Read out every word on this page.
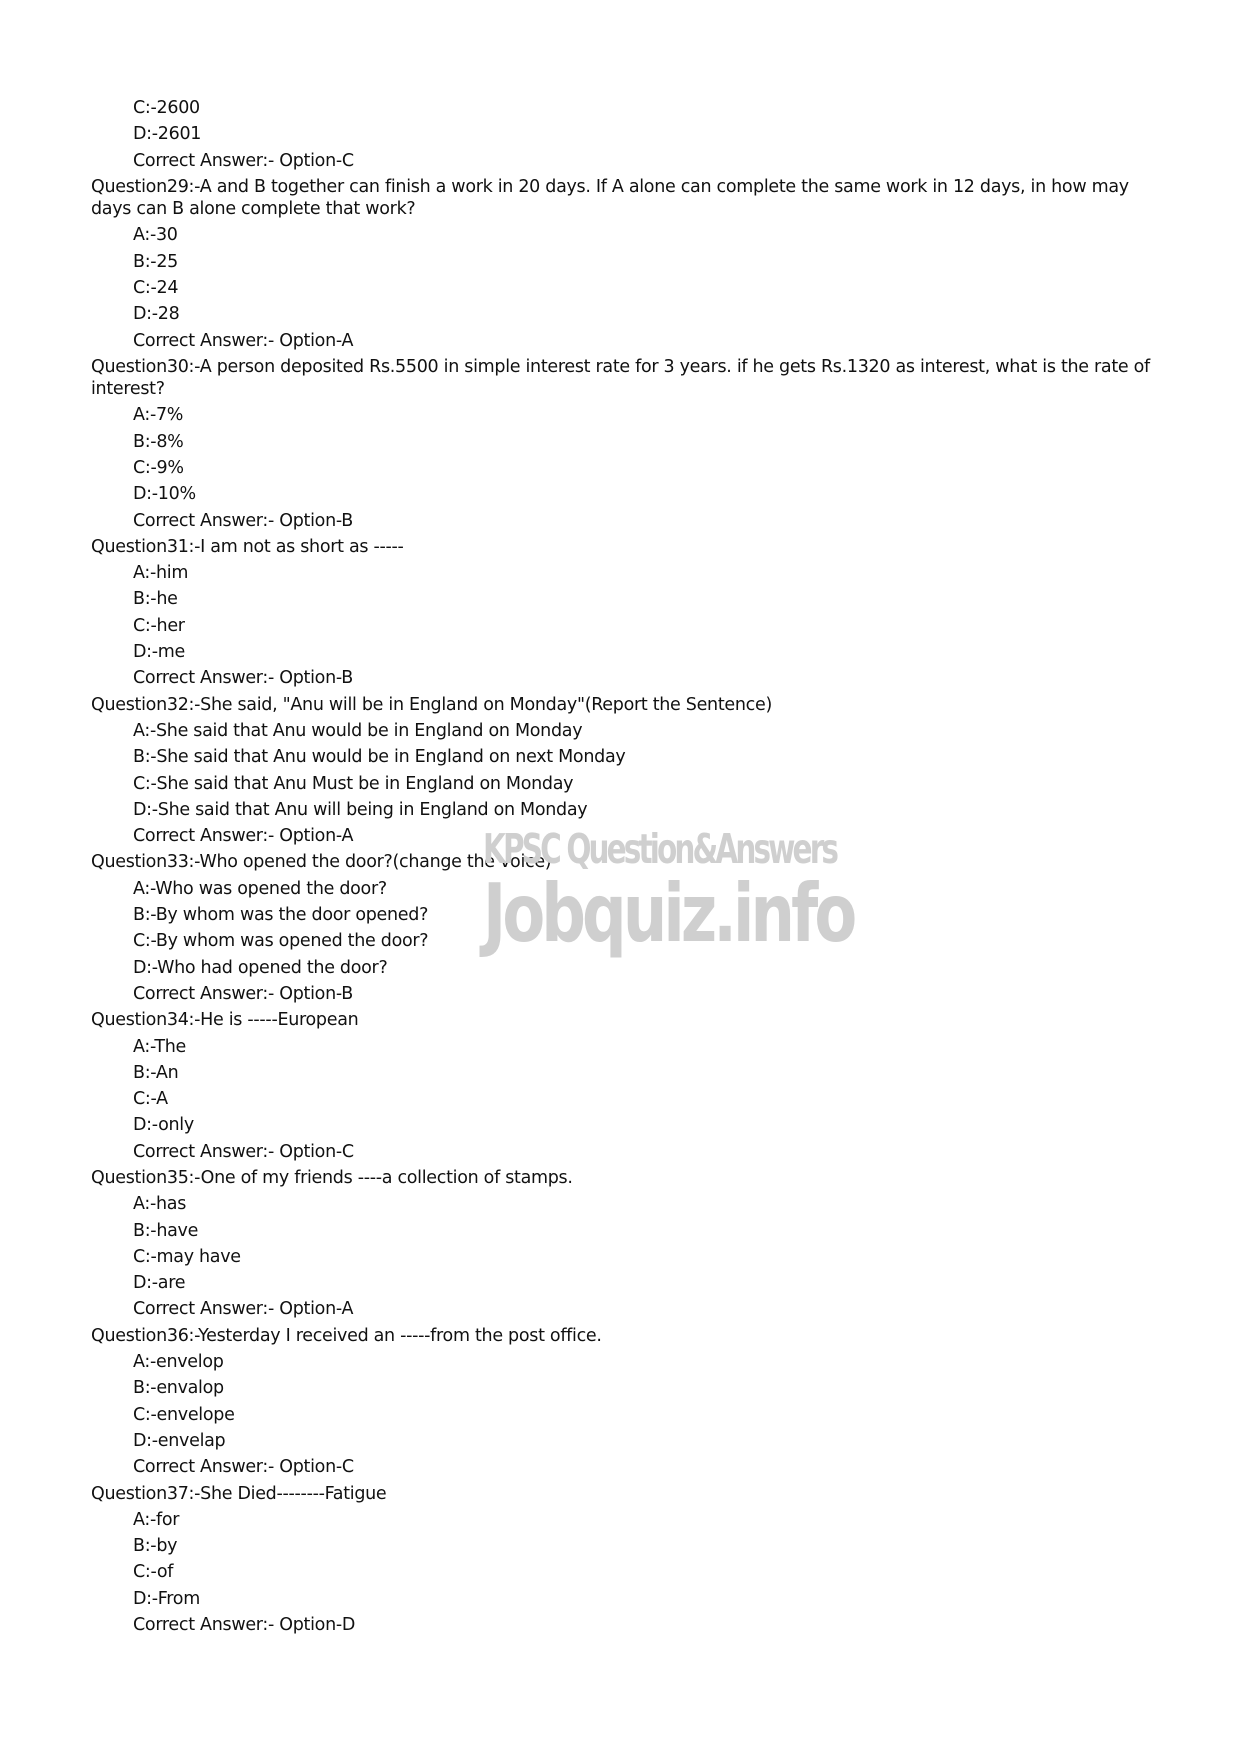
C:-2600
D:-2601
Correct Answer:- Option-C
Question29:-A and B together can finish a work in 20 days. If A alone can complete the same work in 12 days, in how may days can B alone complete that work?
A:-30
B:-25
C:-24
D:-28
Correct Answer:- Option-A
Question30:-A person deposited Rs.5500 in simple interest rate for 3 years. if he gets Rs.1320 as interest, what is the rate of interest?
A:-7%
B:-8%
C:-9%
D:-10%
Correct Answer:- Option-B
Question31:-I am not as short as -----
A:-him
B:-he
C:-her
D:-me
Correct Answer:- Option-B
Question32:-She said, "Anu will be in England on Monday"(Report the Sentence)
A:-She said that Anu would be in England on Monday
B:-She said that Anu would be in England on next Monday
C:-She said that Anu Must be in England on Monday
D:-She said that Anu will being in England on Monday
Correct Answer:- Option-A
Question33:-Who opened the door?(change the voice)
A:-Who was opened the door?
B:-By whom was the door opened?
C:-By whom was opened the door?
D:-Who had opened the door?
Correct Answer:- Option-B
Question34:-He is -----European
A:-The
B:-An
C:-A
D:-only
Correct Answer:- Option-C
Question35:-One of my friends ----a collection of stamps.
A:-has
B:-have
C:-may have
D:-are
Correct Answer:- Option-A
Question36:-Yesterday I received an -----from the post office.
A:-envelop
B:-envalop
C:-envelope
D:-envelap
Correct Answer:- Option-C
Question37:-She Died--------Fatigue
A:-for
B:-by
C:-of
D:-From
Correct Answer:- Option-D
KPSC Question&Answers
Jobquiz.info
